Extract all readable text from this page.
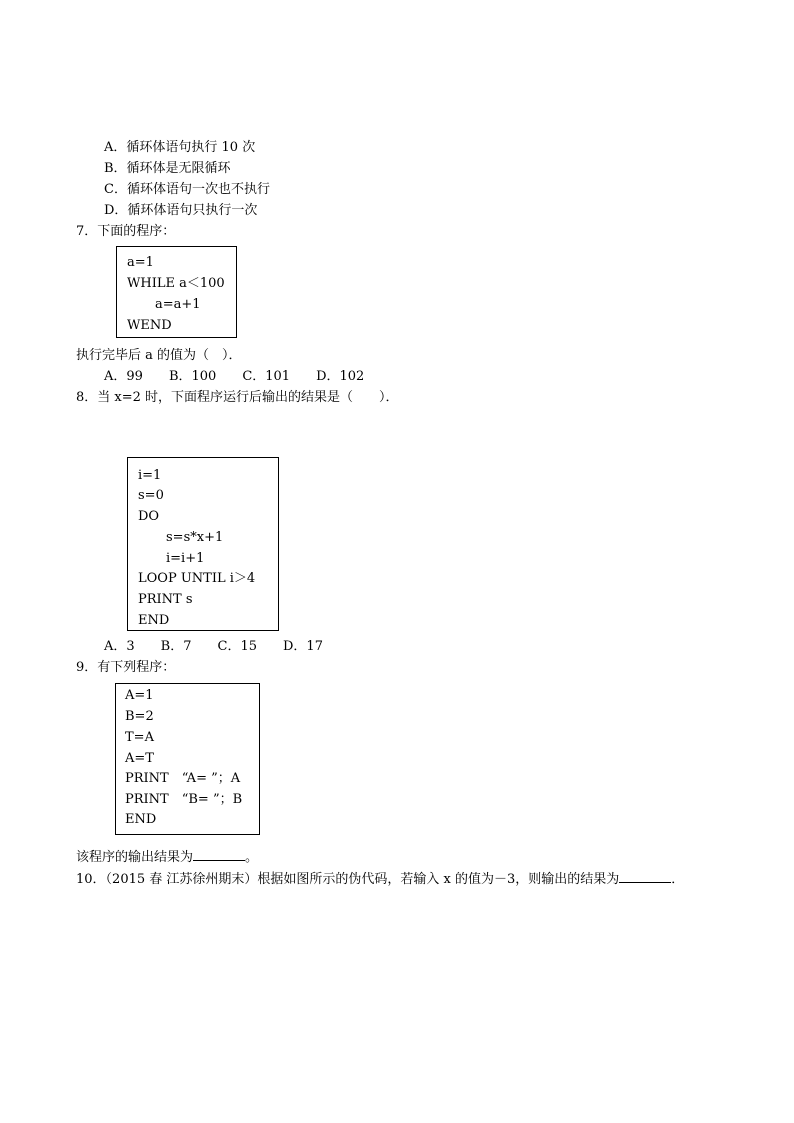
A．循环体语句执行 10 次
B．循环体是无限循环
C．循环体语句一次也不执行
D．循环体语句只执行一次
7．下面的程序：
a=1
WHILE a＜100
a=a+1
WEND
执行完毕后 a 的值为（　）．
A．99 B．100 C．101 D．102
8．当 x=2 时，下面程序运行后输出的结果是（　　）．
i=1
s=0
DO
s=s*x+1
i=i+1
LOOP UNTIL i＞4
PRINT s
END
A．3 B．7 C．15 D．17
9．有下列程序：
A=1
B=2
T=A
A=T
PRINT　“A= ”；A
PRINT　“B= ”；B
END
该程序的输出结果为	。
10．（2015 春 江苏徐州期末）根据如图所示的伪代码，若输入 x 的值为－3，则输出的结果为	．
